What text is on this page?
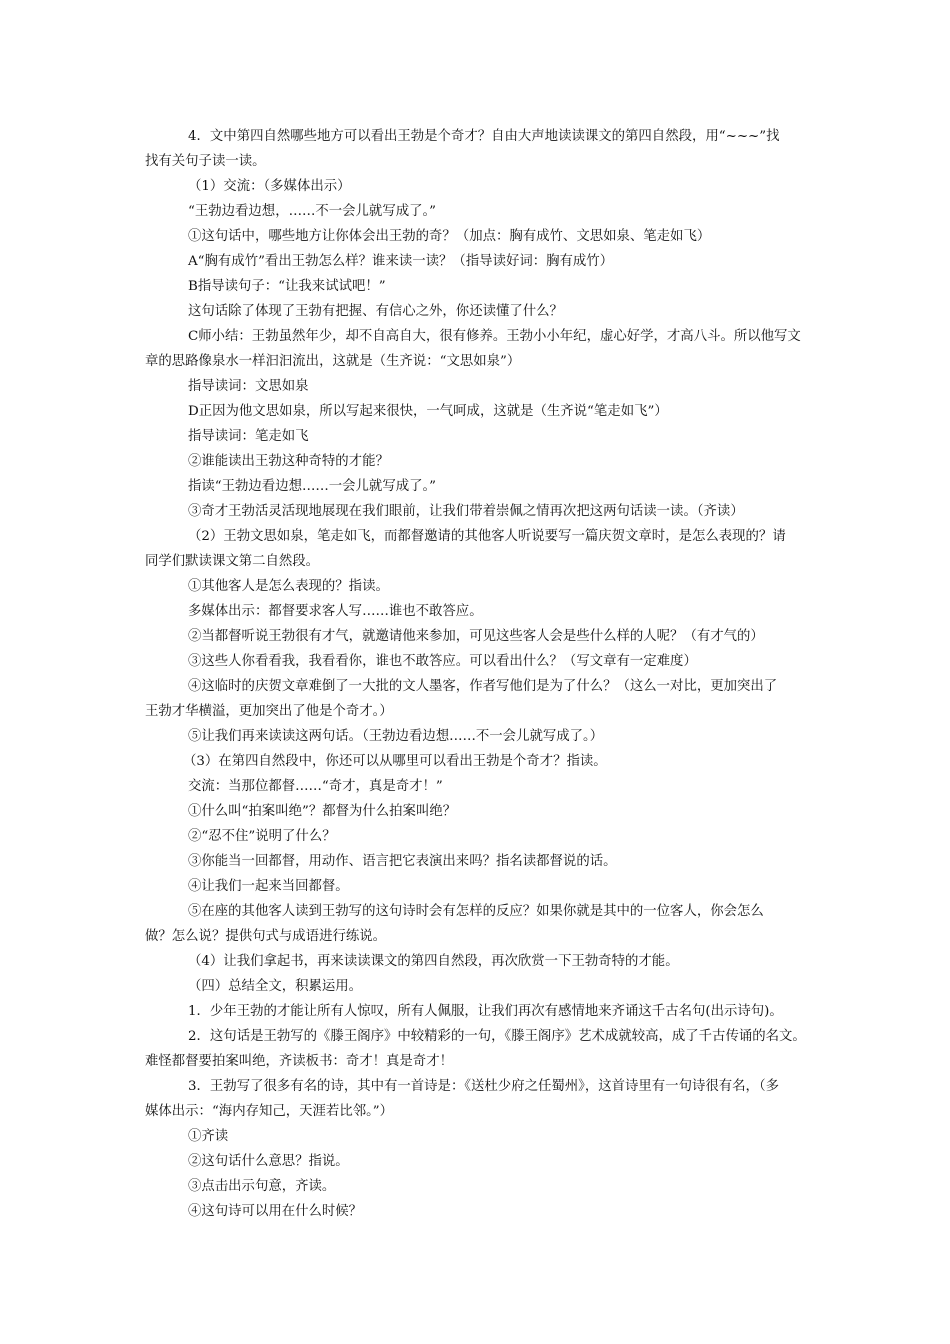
4．文中第四自然哪些地方可以看出王勃是个奇才？自由大声地读读课文的第四自然段，用“~~~”找
找有关句子读一读。
（1）交流：（多媒体出示）
“王勃边看边想，……不一会儿就写成了。”
①这句话中，哪些地方让你体会出王勃的奇？（加点：胸有成竹、文思如泉、笔走如飞）
A“胸有成竹”看出王勃怎么样？谁来读一读？（指导读好词：胸有成竹）
B指导读句子：“让我来试试吧！”
这句话除了体现了王勃有把握、有信心之外，你还读懂了什么？
C师小结：王勃虽然年少，却不自高自大，很有修养。王勃小小年纪，虚心好学，才高八斗。所以他写文
章的思路像泉水一样汩汩流出，这就是（生齐说：“文思如泉”）
指导读词：文思如泉
D正因为他文思如泉，所以写起来很快，一气呵成，这就是（生齐说“笔走如飞”）
指导读词：笔走如飞
②谁能读出王勃这种奇特的才能？
指读“王勃边看边想……一会儿就写成了。”
③奇才王勃活灵活现地展现在我们眼前，让我们带着崇佩之情再次把这两句话读一读。（齐读）
（2）王勃文思如泉，笔走如飞，而都督邀请的其他客人听说要写一篇庆贺文章时，是怎么表现的？请
同学们默读课文第二自然段。
①其他客人是怎么表现的？指读。
多媒体出示：都督要求客人写……谁也不敢答应。
②当都督听说王勃很有才气，就邀请他来参加，可见这些客人会是些什么样的人呢？（有才气的）
③这些人你看看我，我看看你，谁也不敢答应。可以看出什么？（写文章有一定难度）
④这临时的庆贺文章难倒了一大批的文人墨客，作者写他们是为了什么？（这么一对比，更加突出了
王勃才华横溢，更加突出了他是个奇才。）
⑤让我们再来读读这两句话。（王勃边看边想……不一会儿就写成了。）
（3）在第四自然段中，你还可以从哪里可以看出王勃是个奇才？指读。
交流：当那位都督……“奇才，真是奇才！”
①什么叫“拍案叫绝”？都督为什么拍案叫绝？
②“忍不住”说明了什么？
③你能当一回都督，用动作、语言把它表演出来吗？指名读都督说的话。
④让我们一起来当回都督。
⑤在座的其他客人读到王勃写的这句诗时会有怎样的反应？如果你就是其中的一位客人，你会怎么
做？怎么说？提供句式与成语进行练说。
（4）让我们拿起书，再来读读课文的第四自然段，再次欣赏一下王勃奇特的才能。
（四）总结全文，积累运用。
1．少年王勃的才能让所有人惊叹，所有人佩服，让我们再次有感情地来齐诵这千古名句(出示诗句)。
2．这句话是王勃写的《滕王阁序》中较精彩的一句，《滕王阁序》艺术成就较高，成了千古传诵的名文。
难怪都督要拍案叫绝，齐读板书：奇才！真是奇才！
3．王勃写了很多有名的诗，其中有一首诗是：《送杜少府之任蜀州》，这首诗里有一句诗很有名，（多
媒体出示：“海内存知己，天涯若比邻。”）
①齐读
②这句话什么意思？指说。
③点击出示句意，齐读。
④这句诗可以用在什么时候？
